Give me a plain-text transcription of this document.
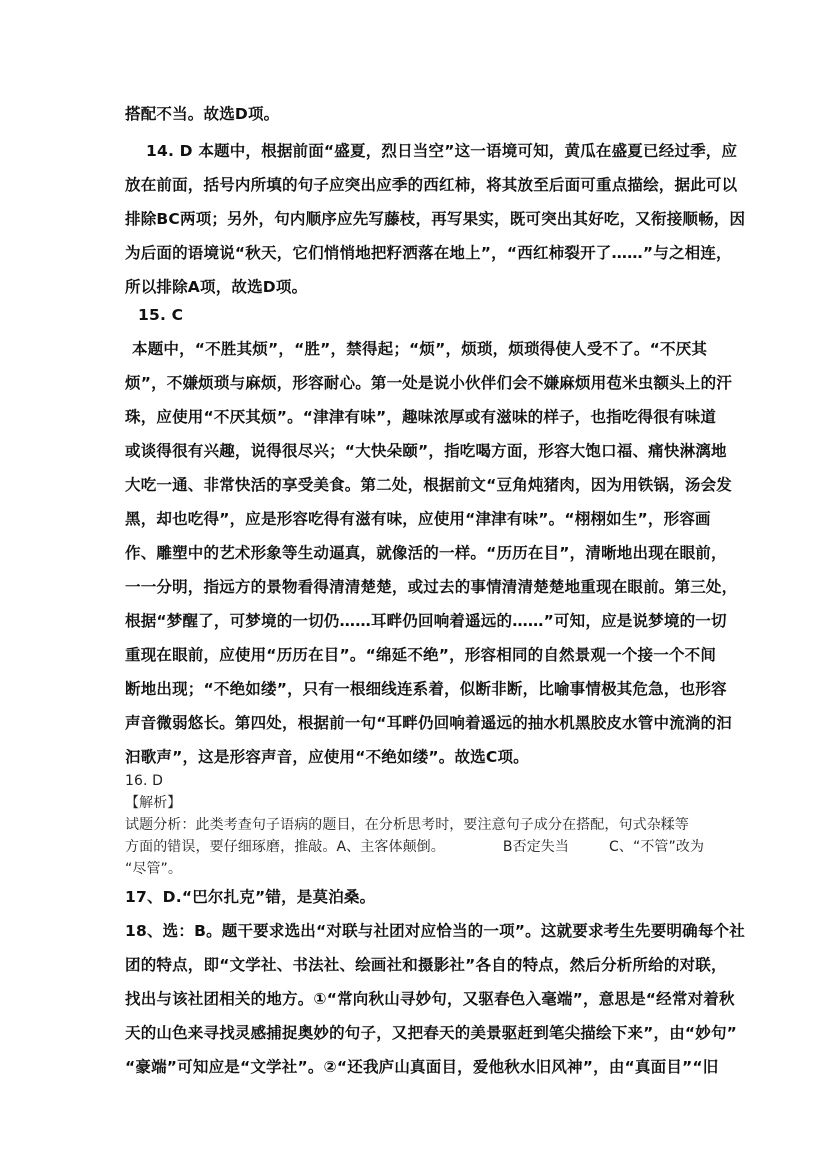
搭配不当。故选D项。
14. D 本题中，根据前面“盛夏，烈日当空”这一语境可知，黄瓜在盛夏已经过季，应
放在前面，括号内所填的句子应突出应季的西红柿，将其放至后面可重点描绘，据此可以
排除BC两项；另外，句内顺序应先写藤枝，再写果实，既可突出其好吃，又衔接顺畅，因
为后面的语境说“秋天，它们悄悄地把籽洒落在地上”，“西红柿裂开了……”与之相连，
所以排除A项，故选D项。
15. C
本题中，“不胜其烦”，“胜”，禁得起；“烦”，烦琐，烦琐得使人受不了。“不厌其
烦”，不嫌烦琐与麻烦，形容耐心。第一处是说小伙伴们会不嫌麻烦用苞米虫额头上的汗
珠，应使用“不厌其烦”。“津津有味”，趣味浓厚或有滋味的样子，也指吃得很有味道
或谈得很有兴趣，说得很尽兴；“大快朵颐”，指吃喝方面，形容大饱口福、痛快淋漓地
大吃一通、非常快活的享受美食。第二处，根据前文“豆角炖猪肉，因为用铁锅，汤会发
黑，却也吃得”，应是形容吃得有滋有味，应使用“津津有味”。“栩栩如生”，形容画
作、雕塑中的艺术形象等生动逼真，就像活的一样。“历历在目”，清晰地出现在眼前，
一一分明，指远方的景物看得清清楚楚，或过去的事情清清楚楚地重现在眼前。第三处，
根据“梦醒了，可梦境的一切仍……耳畔仍回响着遥远的……”可知，应是说梦境的一切
重现在眼前，应使用“历历在目”。“绵延不绝”，形容相同的自然景观一个接一个不间
断地出现；“不绝如缕”，只有一根细线连系着，似断非断，比喻事情极其危急，也形容
声音微弱悠长。第四处，根据前一句“耳畔仍回响着遥远的抽水机黑胶皮水管中流淌的汩
汩歌声”，这是形容声音，应使用“不绝如缕”。故选C项。
16. D
【解析】
试题分析：此类考查句子语病的题目，在分析思考时，要注意句子成分在搭配，句式杂糅等
方面的错误，要仔细琢磨，推敲。A、主客体颠倒。	B否定失当	C、“不管”改为
“尽管”。
17、D.“巴尔扎克”错，是莫泊桑。
18、选：B。题干要求选出“对联与社团对应恰当的一项”。这就要求考生先要明确每个社
团的特点，即“文学社、书法社、绘画社和摄影社”各自的特点，然后分析所给的对联，
找出与该社团相关的地方。①“常向秋山寻妙句，又驱春色入毫端”，意思是“经常对着秋
天的山色来寻找灵感捕捉奥妙的句子，又把春天的美景驱赶到笔尖描绘下来”，由“妙句”
“豪端”可知应是“文学社”。②“还我庐山真面目，爱他秋水旧风神”，由“真面目”“旧
